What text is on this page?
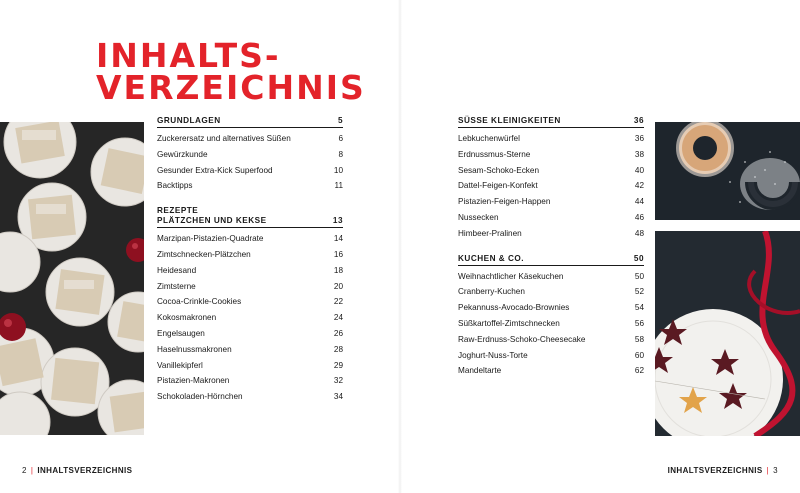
INHALTS-
VERZEICHNIS
GRUNDLAGEN	5
Zuckerersatz und alternatives Süßen	6
Gewürzkunde	8
Gesunder Extra-Kick Superfood	10
Backtipps	11
REZEPTE
PLÄTZCHEN UND KEKSE	13
Marzipan-Pistazien-Quadrate	14
Zimtschnecken-Plätzchen	16
Heidesand	18
Zimtsterne	20
Cocoa-Crinkle-Cookies	22
Kokosmakronen	24
Engelsaugen	26
Haselnussmakronen	28
Vanillekipferl	29
Pistazien-Makronen	32
Schokoladen-Hörnchen	34
SÜSSE KLEINIGKEITEN	36
Lebkuchenwürfel	36
Erdnussmus-Sterne	38
Sesam-Schoko-Ecken	40
Dattel-Feigen-Konfekt	42
Pistazien-Feigen-Happen	44
Nussecken	46
Himbeer-Pralinen	48
KUCHEN & CO.	50
Weihnachtlicher Käsekuchen	50
Cranberry-Kuchen	52
Pekannuss-Avocado-Brownies	54
Süßkartoffel-Zimtschnecken	56
Raw-Erdnuss-Schoko-Cheesecake	58
Joghurt-Nuss-Torte	60
Mandeltarte	62
2 | INHALTSVERZEICHNIS	INHALTSVERZEICHNIS | 3
